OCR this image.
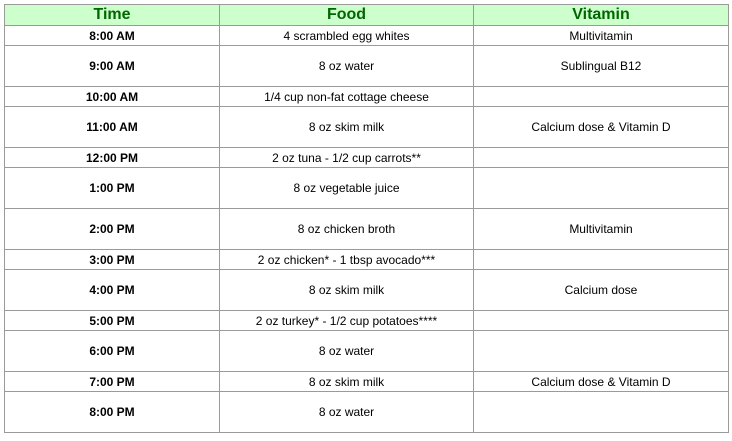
Time	Food	Vitamin
8:00 AM	4 scrambled egg whites	Multivitamin
9:00 AM	8 oz water	Sublingual B12
10:00 AM	1/4 cup non-fat cottage cheese	
11:00 AM	8 oz skim milk	Calcium dose & Vitamin D
12:00 PM	2 oz tuna - 1/2 cup carrots**	
1:00 PM	8 oz vegetable juice	
2:00 PM	8 oz chicken broth	Multivitamin
3:00 PM	2 oz chicken* - 1 tbsp avocado***	
4:00 PM	8 oz skim milk	Calcium dose
5:00 PM	2 oz turkey* - 1/2 cup potatoes****	
6:00 PM	8 oz water	
7:00 PM	8 oz skim milk	Calcium dose & Vitamin D
8:00 PM	8 oz water	
